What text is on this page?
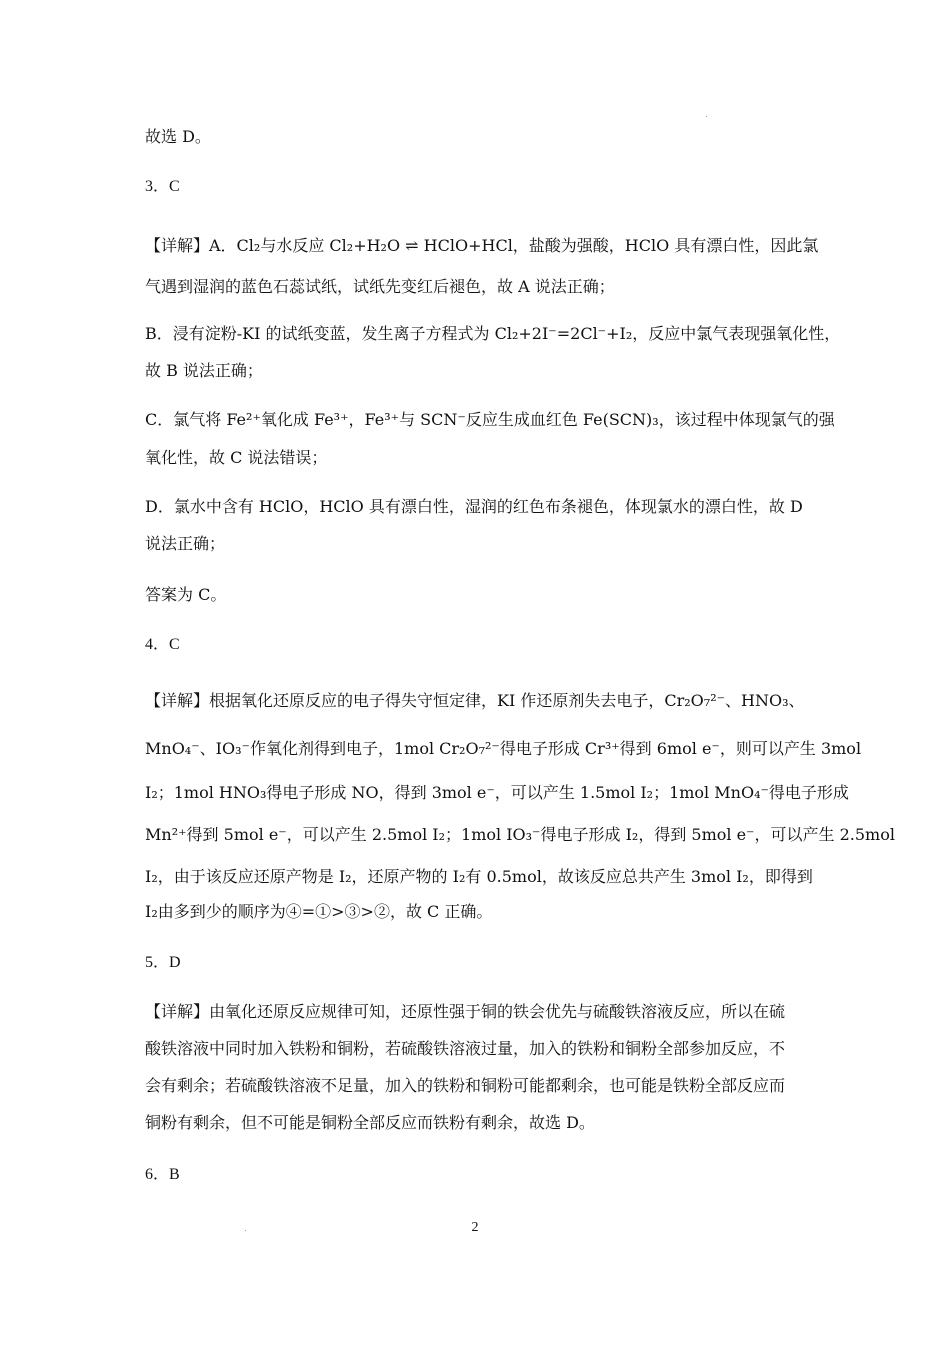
故选 D。
3．C
【详解】A．Cl₂与水反应 Cl₂+H₂O ⇌ HClO+HCl，盐酸为强酸，HClO 具有漂白性，因此氯
气遇到湿润的蓝色石蕊试纸，试纸先变红后褪色，故 A 说法正确；
B．浸有淀粉-KI 的试纸变蓝，发生离子方程式为 Cl₂+2I⁻=2Cl⁻+I₂，反应中氯气表现强氧化性，
故 B 说法正确；
C．氯气将 Fe²⁺氧化成 Fe³⁺，Fe³⁺与 SCN⁻反应生成血红色 Fe(SCN)₃，该过程中体现氯气的强
氧化性，故 C 说法错误；
D．氯水中含有 HClO，HClO 具有漂白性，湿润的红色布条褪色，体现氯水的漂白性，故 D
说法正确；
答案为 C。
4．C
【详解】根据氧化还原反应的电子得失守恒定律，KI 作还原剂失去电子，Cr₂O₇²⁻、HNO₃、
MnO₄⁻、IO₃⁻作氧化剂得到电子，1mol Cr₂O₇²⁻得电子形成 Cr³⁺得到 6mol e⁻，则可以产生 3mol
I₂；1mol HNO₃得电子形成 NO，得到 3mol e⁻，可以产生 1.5mol I₂；1mol MnO₄⁻得电子形成
Mn²⁺得到 5mol e⁻，可以产生 2.5mol I₂；1mol IO₃⁻得电子形成 I₂，得到 5mol e⁻，可以产生 2.5mol
I₂，由于该反应还原产物是 I₂，还原产物的 I₂有 0.5mol，故该反应总共产生 3mol I₂，即得到
I₂由多到少的顺序为④=①>③>②，故 C 正确。
5．D
【详解】由氧化还原反应规律可知，还原性强于铜的铁会优先与硫酸铁溶液反应，所以在硫
酸铁溶液中同时加入铁粉和铜粉，若硫酸铁溶液过量，加入的铁粉和铜粉全部参加反应，不
会有剩余；若硫酸铁溶液不足量，加入的铁粉和铜粉可能都剩余，也可能是铁粉全部反应而
铜粉有剩余，但不可能是铜粉全部反应而铁粉有剩余，故选 D。
6．B
2
